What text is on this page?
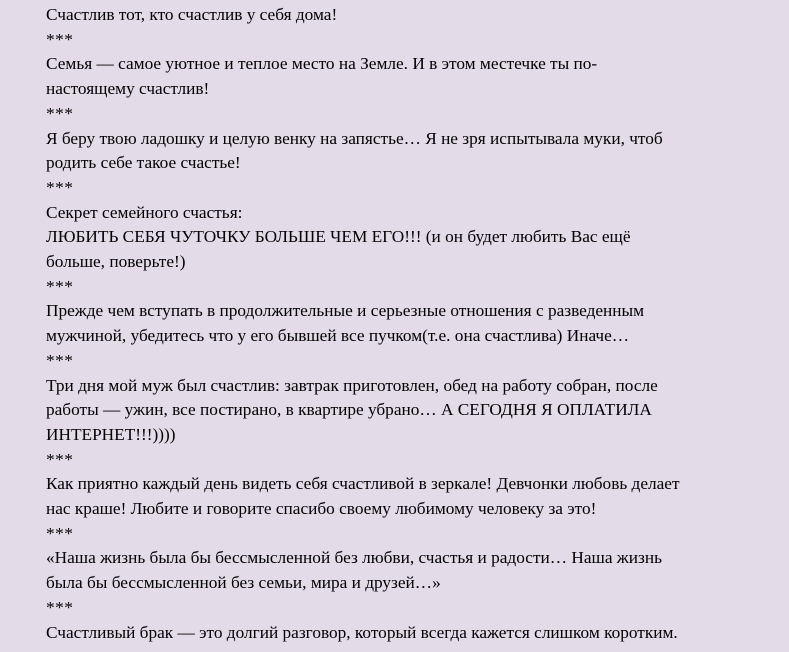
Счастлив тот, кто счастлив у себя дома!
***
Семья — самое уютное и теплое место на Земле. И в этом местечке ты по-
настоящему счастлив!
***
Я беру твою ладошку и целую венку на запястье… Я не зря испытывала муки, чтоб
родить себе такое счастье!
***
Секрет семейного счастья:
ЛЮБИТЬ СЕБЯ ЧУТОЧКУ БОЛЬШЕ ЧЕМ ЕГО!!! (и он будет любить Вас ещё
больше, поверьте!)
***
Прежде чем вступать в продолжительные и серьезные отношения с разведенным
мужчиной, убедитесь что у его бывшей все пучком(т.е. она счастлива) Иначе…
***
Три дня мой муж был счастлив: завтрак приготовлен, обед на работу собран, после
работы — ужин, все постирано, в квартире убрано… А СЕГОДНЯ Я ОПЛАТИЛА
ИНТЕРНЕТ!!!))))
***
Как приятно каждый день видеть себя счастливой в зеркале! Девчонки любовь делает
нас краше! Любите и говорите спасибо своему любимому человеку за это!
***
«Наша жизнь была бы бессмысленной без любви, счастья и радости… Наша жизнь
была бы бессмысленной без семьи, мира и друзей…»
***
Счастливый брак — это долгий разговор, который всегда кажется слишком коротким.
